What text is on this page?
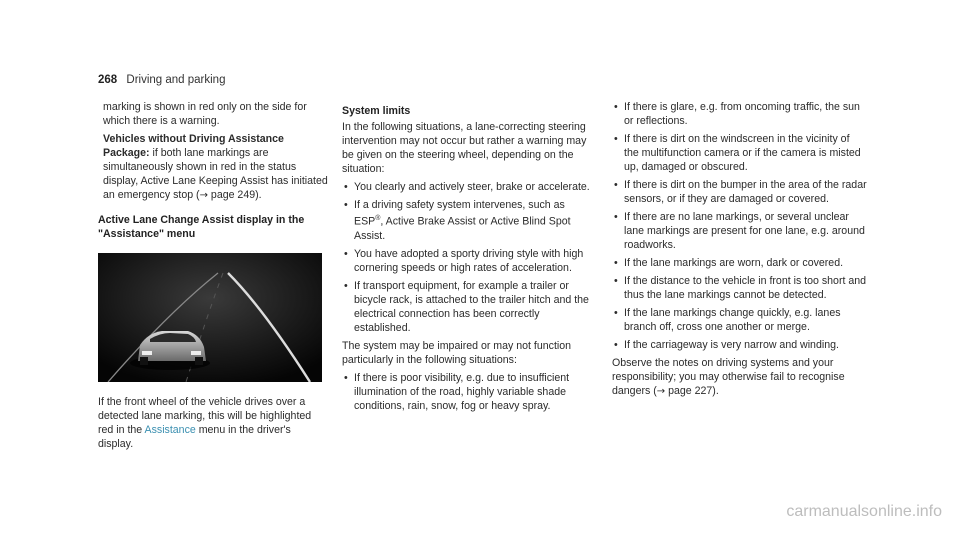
268 Driving and parking

marking is shown in red only on the side for which there is a warning.

Vehicles without Driving Assistance Package: if both lane markings are simultaneously shown in red in the status display, Active Lane Keeping Assist has initiated an emergency stop (→ page 249).

Active Lane Change Assist display in the "Assistance" menu

If the front wheel of the vehicle drives over a detected lane marking, this will be highlighted red in the Assistance menu in the driver's display.

System limits

In the following situations, a lane-correcting steering intervention may not occur but rather a warning may be given on the steering wheel, depending on the situation:

• You clearly and actively steer, brake or accelerate.
• If a driving safety system intervenes, such as ESP®, Active Brake Assist or Active Blind Spot Assist.
• You have adopted a sporty driving style with high cornering speeds or high rates of acceleration.
• If transport equipment, for example a trailer or bicycle rack, is attached to the trailer hitch and the electrical connection has been correctly established.

The system may be impaired or may not function particularly in the following situations:

• If there is poor visibility, e.g. due to insufficient illumination of the road, highly variable shade conditions, rain, snow, fog or heavy spray.
• If there is glare, e.g. from oncoming traffic, the sun or reflections.
• If there is dirt on the windscreen in the vicinity of the multifunction camera or if the camera is misted up, damaged or obscured.
• If there is dirt on the bumper in the area of the radar sensors, or if they are damaged or covered.
• If there are no lane markings, or several unclear lane markings are present for one lane, e.g. around roadworks.
• If the lane markings are worn, dark or covered.
• If the distance to the vehicle in front is too short and thus the lane markings cannot be detected.
• If the lane markings change quickly, e.g. lanes branch off, cross one another or merge.
• If the carriageway is very narrow and winding.

Observe the notes on driving systems and your responsibility; you may otherwise fail to recognise dangers (→ page 227).

carmanualsonline.info
